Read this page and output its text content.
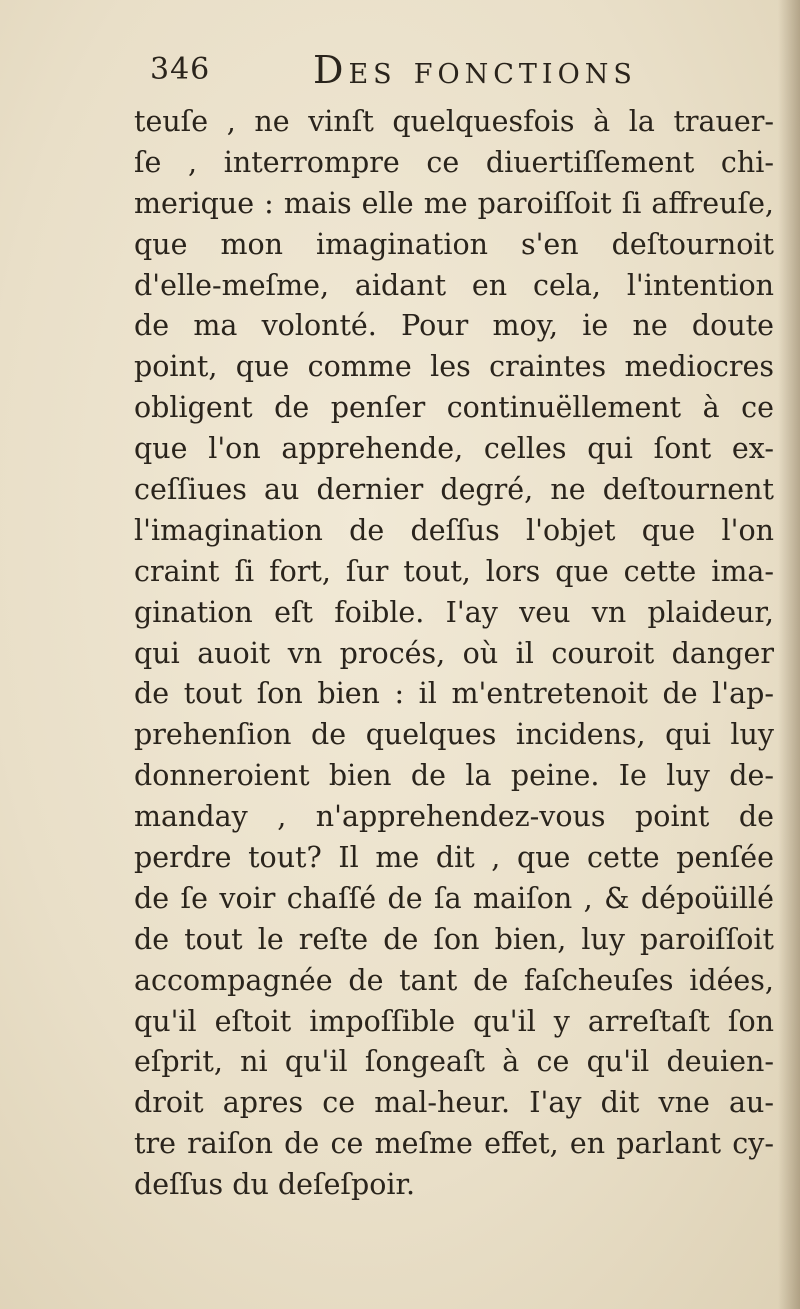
346	Des fonctions
teuſe , ne vinſt quelquesfois à la trauer-
ſe , interrompre ce diuertiſſement chi-
merique : mais elle me paroiſſoit ſi affreuſe,
que mon imagination s'en deſtournoit
d'elle-meſme, aidant en cela, l'intention
de ma volonté. Pour moy, ie ne doute
point, que comme les craintes mediocres
obligent de penſer continuëllement à ce
que l'on apprehende, celles qui ſont ex-
ceſſiues au dernier degré, ne deſtournent
l'imagination de deſſus l'objet que l'on
craint ſi fort, ſur tout, lors que cette ima-
gination eſt foible. I'ay veu vn plaideur,
qui auoit vn procés, où il couroit danger
de tout ſon bien : il m'entretenoit de l'ap-
prehenſion de quelques incidens, qui luy
donneroient bien de la peine. Ie luy de-
manday , n'apprehendez-vous point de
perdre tout? Il me dit , que cette penſée
de ſe voir chaſſé de ſa maiſon , & dépoüillé
de tout le reſte de ſon bien, luy paroiſſoit
accompagnée de tant de faſcheuſes idées,
qu'il eſtoit impoſſible qu'il y arreſtaſt ſon
eſprit, ni qu'il ſongeaſt à ce qu'il deuien-
droit apres ce mal-heur. I'ay dit vne au-
tre raiſon de ce meſme effet, en parlant cy-
deſſus du deſeſpoir.
